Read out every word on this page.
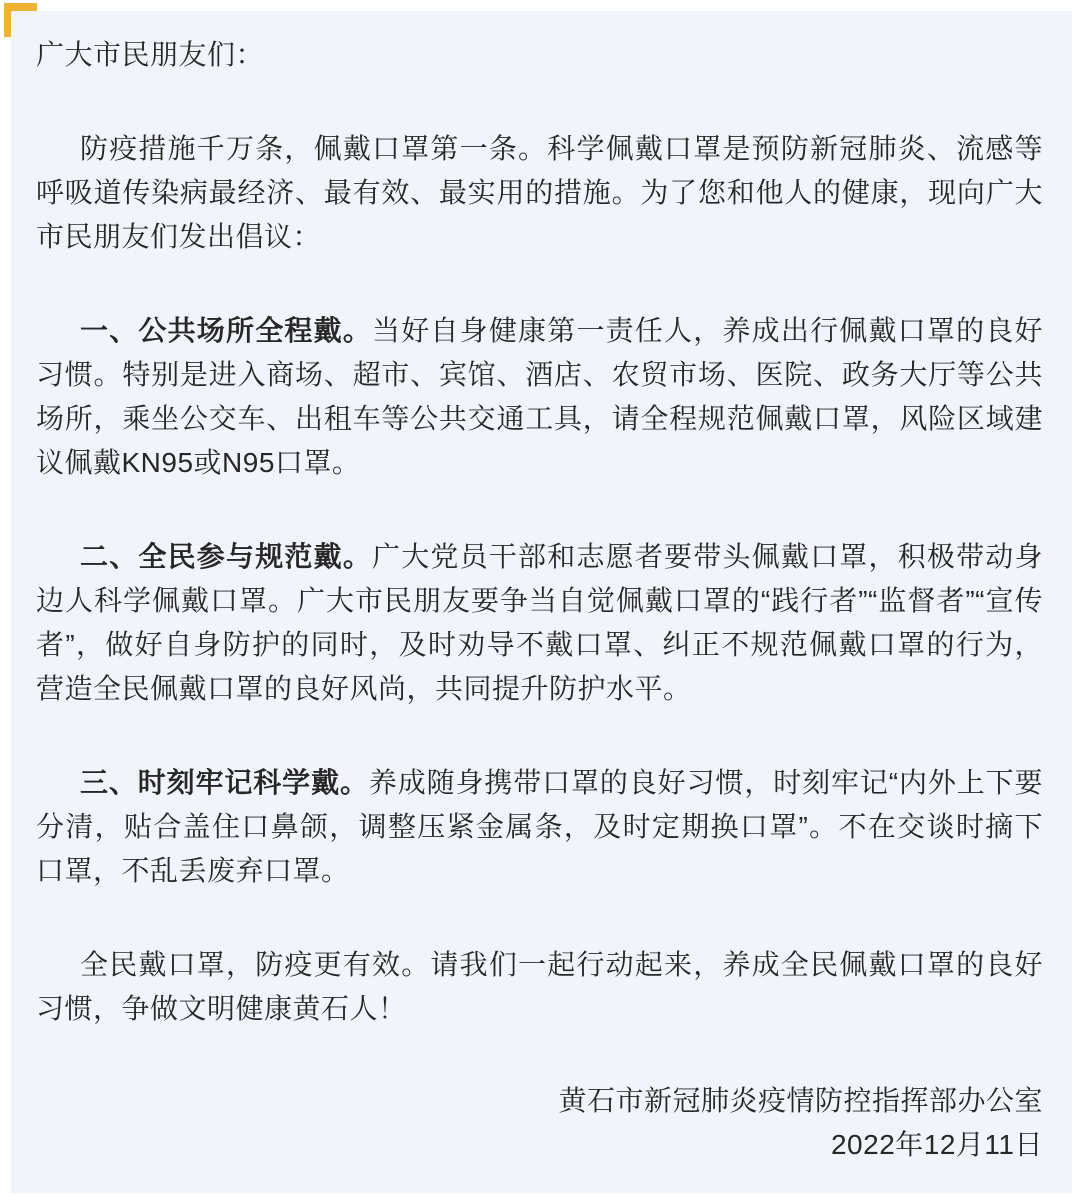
广大市民朋友们：

防疫措施千万条，佩戴口罩第一条。科学佩戴口罩是预防新冠肺炎、流感等呼吸道传染病最经济、最有效、最实用的措施。为了您和他人的健康，现向广大市民朋友们发出倡议：

一、公共场所全程戴。当好自身健康第一责任人，养成出行佩戴口罩的良好习惯。特别是进入商场、超市、宾馆、酒店、农贸市场、医院、政务大厅等公共场所，乘坐公交车、出租车等公共交通工具，请全程规范佩戴口罩，风险区域建议佩戴KN95或N95口罩。

二、全民参与规范戴。广大党员干部和志愿者要带头佩戴口罩，积极带动身边人科学佩戴口罩。广大市民朋友要争当自觉佩戴口罩的“践行者”“监督者”“宣传者”，做好自身防护的同时，及时劝导不戴口罩、纠正不规范佩戴口罩的行为，营造全民佩戴口罩的良好风尚，共同提升防护水平。

三、时刻牢记科学戴。养成随身携带口罩的良好习惯，时刻牢记“内外上下要分清，贴合盖住口鼻颌，调整压紧金属条，及时定期换口罩”。不在交谈时摘下口罩，不乱丢废弃口罩。

全民戴口罩，防疫更有效。请我们一起行动起来，养成全民佩戴口罩的良好习惯，争做文明健康黄石人！

黄石市新冠肺炎疫情防控指挥部办公室

2022年12月11日
